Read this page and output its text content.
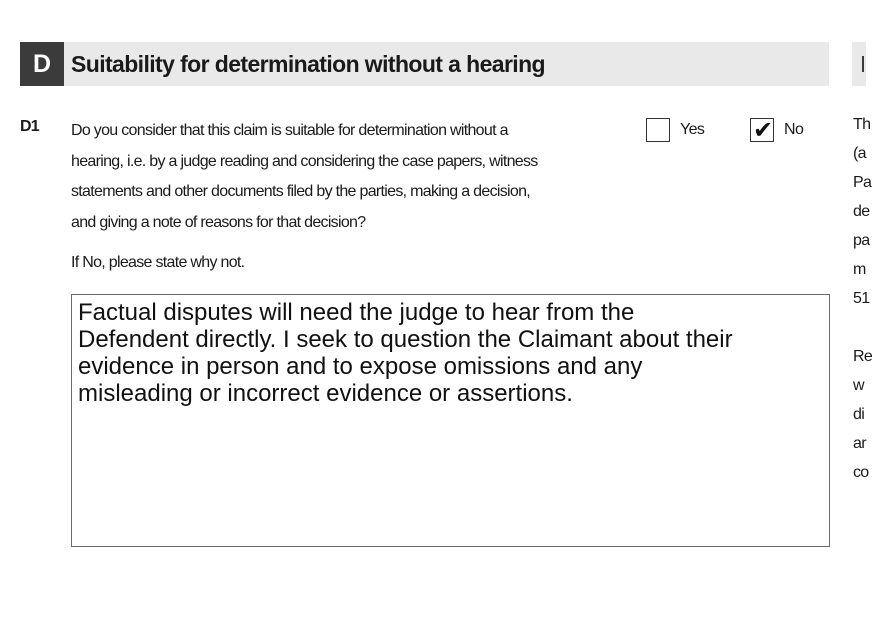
D Suitability for determination without a hearing
D1 Do you consider that this claim is suitable for determination without a
hearing, i.e. by a judge reading and considering the case papers, witness
statements and other documents filed by the parties, making a decision,
and giving a note of reasons for that decision?
Yes ✔ No
If No, please state why not.
Factual disputes will need the judge to hear from the
Defendent directly. I seek to question the Claimant about their
evidence in person and to expose omissions and any
misleading or incorrect evidence or assertions.
Th
(a
Pa
de
pa
m
51
Re
w
di
ar
co
